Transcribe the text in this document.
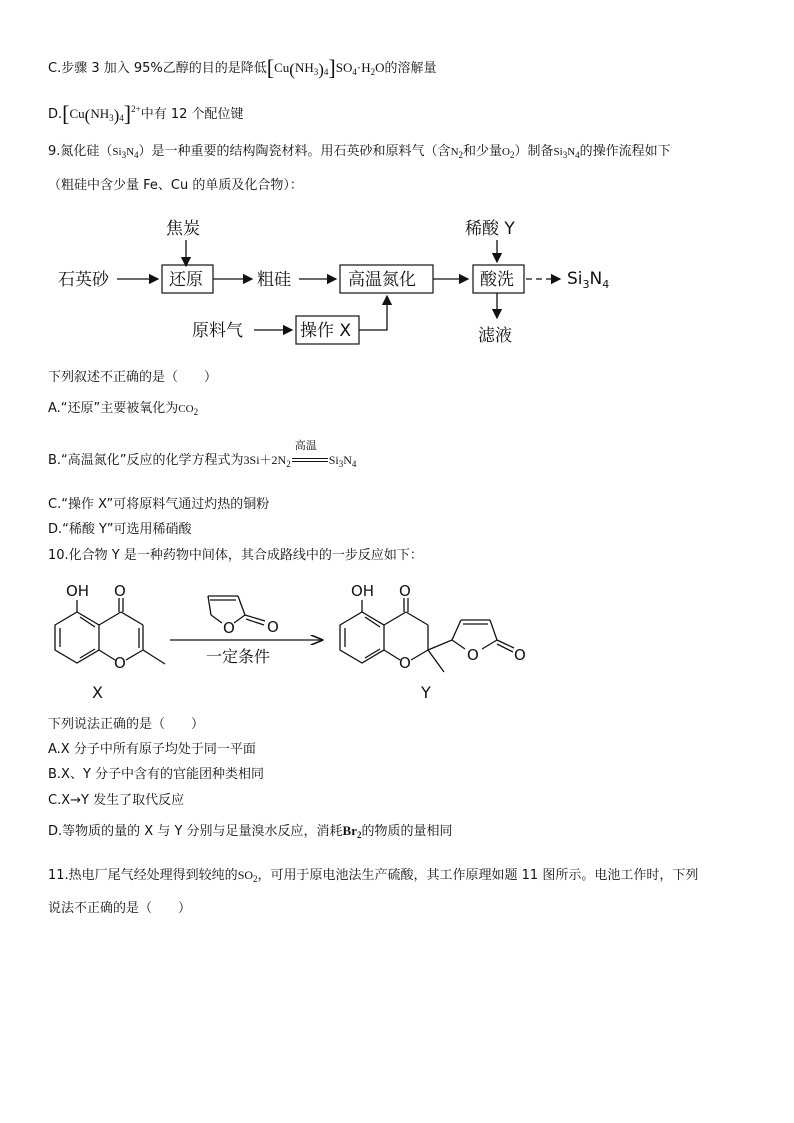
C.步骤 3 加入 95%乙醇的目的是降低$[Cu(NH_3)_4]SO_4\cdot H_2O$的溶解量
$D.[Cu(NH_3)_4]^{2+}$中有 12 个配位键
9.氮化硅$(Si_3N_4)$是一种重要的结构陶瓷材料。用石英砂和原料气（含$N_2$和少量$O_2$）制备$Si_3N_4$的操作流程如下
（粗硅中含少量 Fe、Cu 的单质及化合物）：
焦炭
石英砂	还原	粗硅	高温氮化
稀酸 Y
酸洗	$Si_3N_4$
滤液
原料气	操作 X
下列叙述不正确的是（　　）
A.“还原”主要被氧化为$CO_2$
B.“高温氮化”反应的化学方程式为$3Si+2N_2$
高温
$Si_3N_4$
C.“操作 X”可将原料气通过灼热的铜粉
D.“稀酸 Y”可选用稀硝酸
10.化合物 Y 是一种药物中间体，其合成路线中的一步反应如下：
OH O
O
X
O O
一定条件
OH O
O	O O
Y
下列说法正确的是（　　）
A.X 分子中所有原子均处于同一平面
B.X、Y 分子中含有的官能团种类相同
C.X→Y 发生了取代反应
D.等物质的量的 X 与 Y 分别与足量溴水反应，消耗$Br_2$的物质的量相同
11.热电厂尾气经处理得到较纯的$SO_2$，可用于原电池法生产硫酸，其工作原理如题 11 图所示。电池工作时，下列
说法不正确的是（　　）
